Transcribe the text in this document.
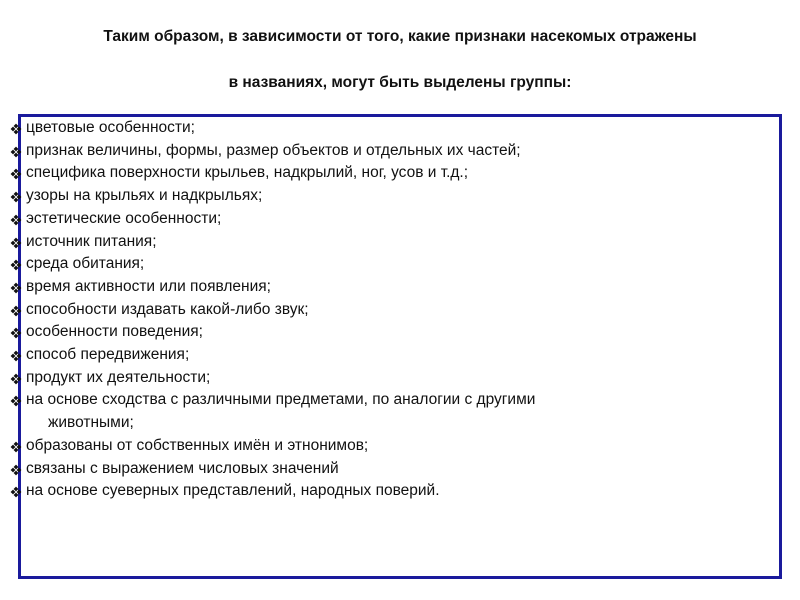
Таким образом, в зависимости от того, какие признаки насекомых отражены
в названиях, могут быть выделены группы:
цветовые особенности;
признак величины, формы, размер объектов и отдельных их частей;
специфика поверхности крыльев, надкрылий, ног, усов и т.д.;
узоры на крыльях и надкрыльях;
эстетические особенности;
источник питания;
среда обитания;
время активности или появления;
способности издавать какой-либо звук;
особенности поведения;
способ передвижения;
продукт их деятельности;
на основе сходства с различными предметами, по аналогии с другими
животными;
образованы от собственных имён и этнонимов;
связаны с выражением числовых значений
на основе суеверных представлений, народных поверий.
